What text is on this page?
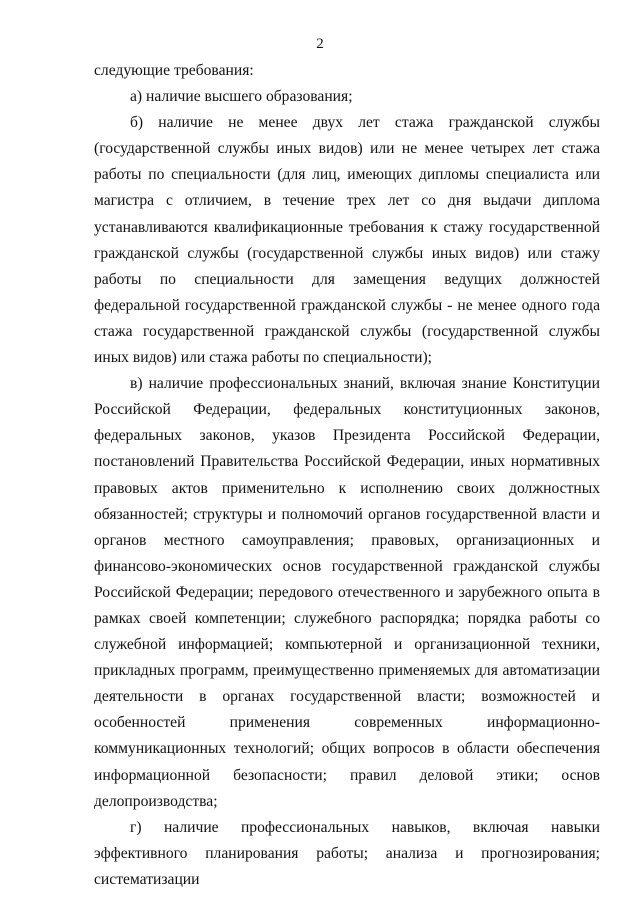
2

следующие требования:

а) наличие высшего образования;

б) наличие не менее двух лет стажа гражданской службы (государственной службы иных видов) или не менее четырех лет стажа работы по специальности (для лиц, имеющих дипломы специалиста или магистра с отличием, в течение трех лет со дня выдачи диплома устанавливаются квалификационные требования к стажу государственной гражданской службы (государственной службы иных видов) или стажу работы по специальности для замещения ведущих должностей федеральной государственной гражданской службы - не менее одного года стажа государственной гражданской службы (государственной службы иных видов) или стажа работы по специальности);

в) наличие профессиональных знаний, включая знание Конституции Российской Федерации, федеральных конституционных законов, федеральных законов, указов Президента Российской Федерации, постановлений Правительства Российской Федерации, иных нормативных правовых актов применительно к исполнению своих должностных обязанностей; структуры и полномочий органов государственной власти и органов местного самоуправления; правовых, организационных и финансово-экономических основ государственной гражданской службы Российской Федерации; передового отечественного и зарубежного опыта в рамках своей компетенции; служебного распорядка; порядка работы со служебной информацией; компьютерной и организационной техники, прикладных программ, преимущественно применяемых для автоматизации деятельности в органах государственной власти; возможностей и особенностей применения современных информационно-коммуникационных технологий; общих вопросов в области обеспечения информационной безопасности; правил деловой этики; основ делопроизводства;

г) наличие профессиональных навыков, включая навыки эффективного планирования работы; анализа и прогнозирования; систематизации
